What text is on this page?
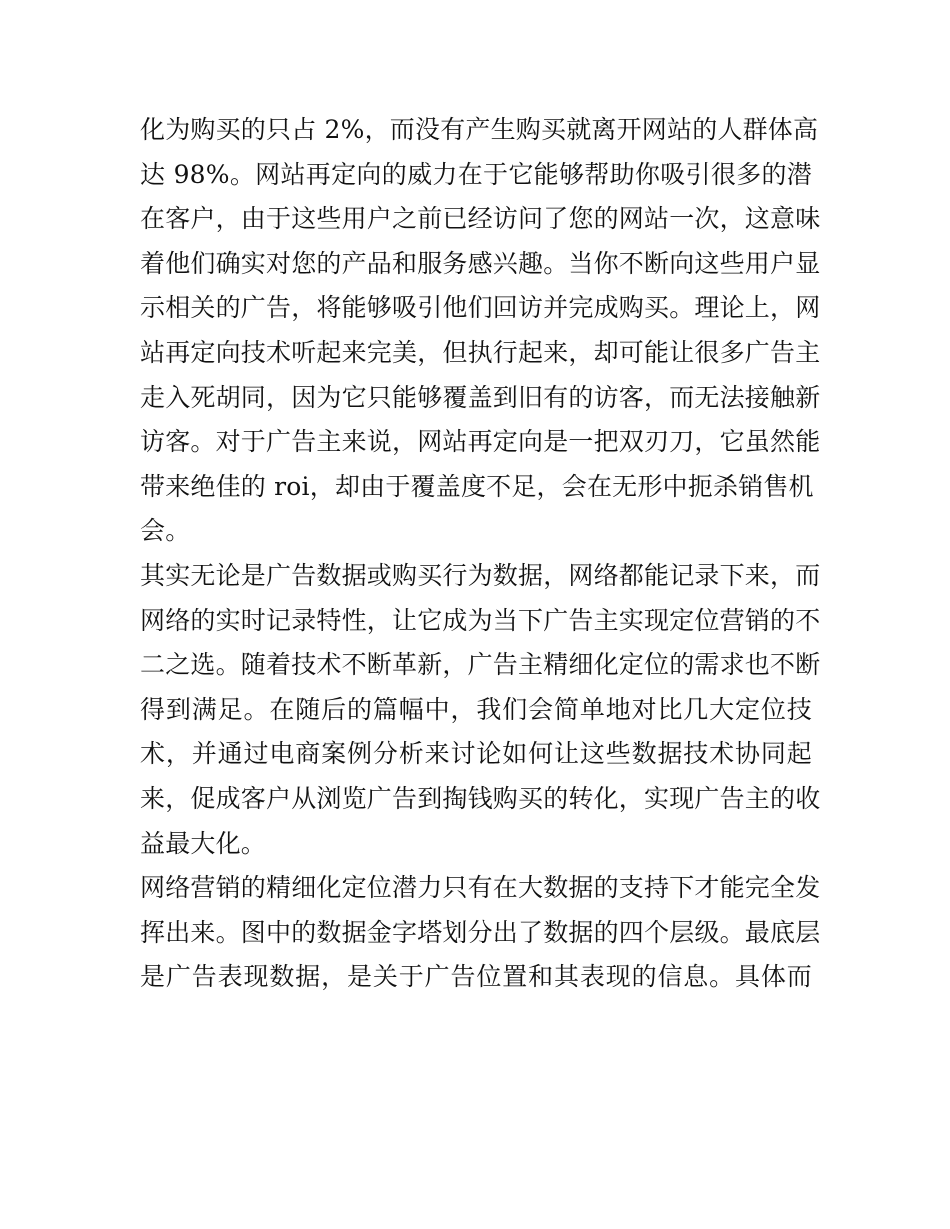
化为购买的只占 2%，而没有产生购买就离开网站的人群体高
达 98%。网站再定向的威力在于它能够帮助你吸引很多的潜
在客户，由于这些用户之前已经访问了您的网站一次，这意味
着他们确实对您的产品和服务感兴趣。当你不断向这些用户显
示相关的广告，将能够吸引他们回访并完成购买。理论上，网
站再定向技术听起来完美，但执行起来，却可能让很多广告主
走入死胡同，因为它只能够覆盖到旧有的访客，而无法接触新
访客。对于广告主来说，网站再定向是一把双刃刀，它虽然能
带来绝佳的 roi，却由于覆盖度不足，会在无形中扼杀销售机
会。
其实无论是广告数据或购买行为数据，网络都能记录下来，而
网络的实时记录特性，让它成为当下广告主实现定位营销的不
二之选。随着技术不断革新，广告主精细化定位的需求也不断
得到满足。在随后的篇幅中，我们会简单地对比几大定位技
术，并通过电商案例分析来讨论如何让这些数据技术协同起
来，促成客户从浏览广告到掏钱购买的转化，实现广告主的收
益最大化。
网络营销的精细化定位潜力只有在大数据的支持下才能完全发
挥出来。图中的数据金字塔划分出了数据的四个层级。最底层
是广告表现数据，是关于广告位置和其表现的信息。具体而
